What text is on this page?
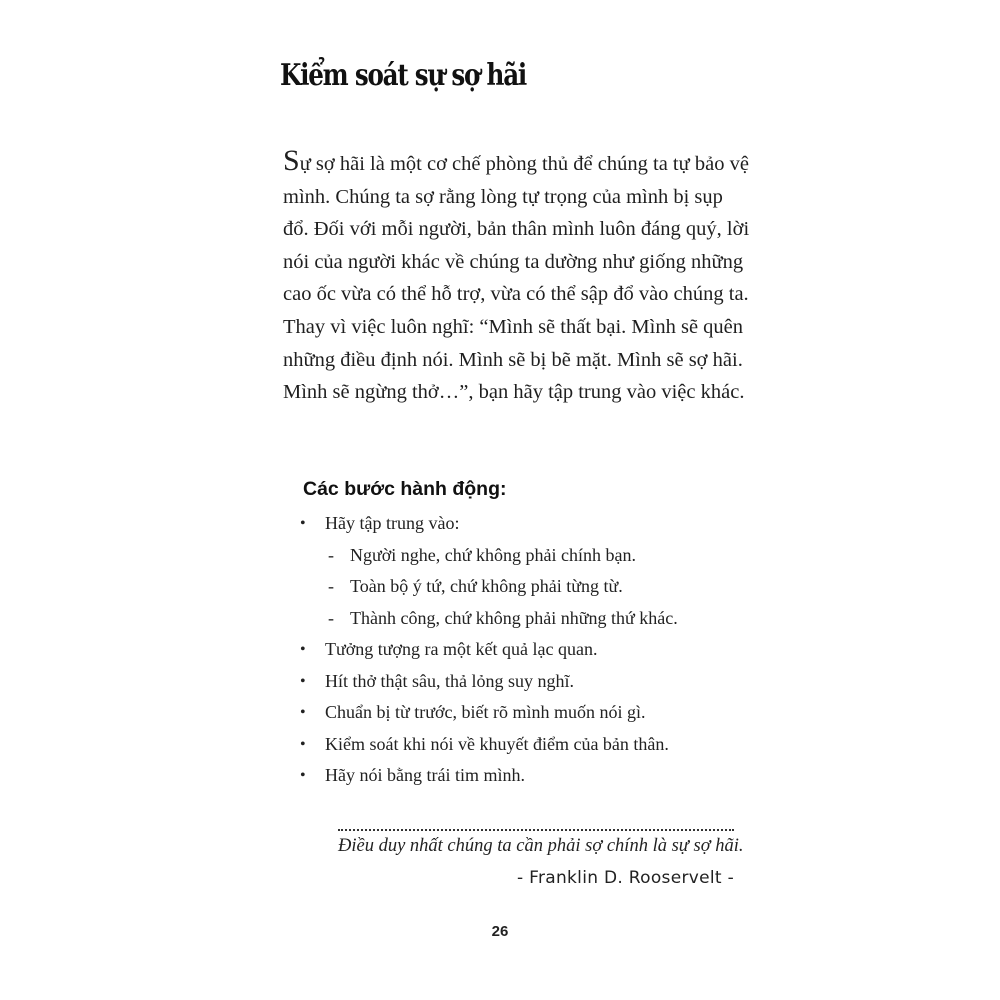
Kiểm soát sự sợ hãi

Sự sợ hãi là một cơ chế phòng thủ để chúng ta tự bảo vệ mình. Chúng ta sợ rằng lòng tự trọng của mình bị sụp đổ. Đối với mỗi người, bản thân mình luôn đáng quý, lời nói của người khác về chúng ta dường như giống những cao ốc vừa có thể hỗ trợ, vừa có thể sập đổ vào chúng ta. Thay vì việc luôn nghĩ: “Mình sẽ thất bại. Mình sẽ quên những điều định nói. Mình sẽ bị bẽ mặt. Mình sẽ sợ hãi. Mình sẽ ngừng thở…”, bạn hãy tập trung vào việc khác.

Các bước hành động:
•	Hãy tập trung vào:
- Người nghe, chứ không phải chính bạn.
- Toàn bộ ý tứ, chứ không phải từng từ.
- Thành công, chứ không phải những thứ khác.
•	Tưởng tượng ra một kết quả lạc quan.
•	Hít thở thật sâu, thả lỏng suy nghĩ.
•	Chuẩn bị từ trước, biết rõ mình muốn nói gì.
•	Kiểm soát khi nói về khuyết điểm của bản thân.
•	Hãy nói bằng trái tim mình.

Điều duy nhất chúng ta cần phải sợ chính là sự sợ hãi.

- Franklin D. Rooservelt -

26
